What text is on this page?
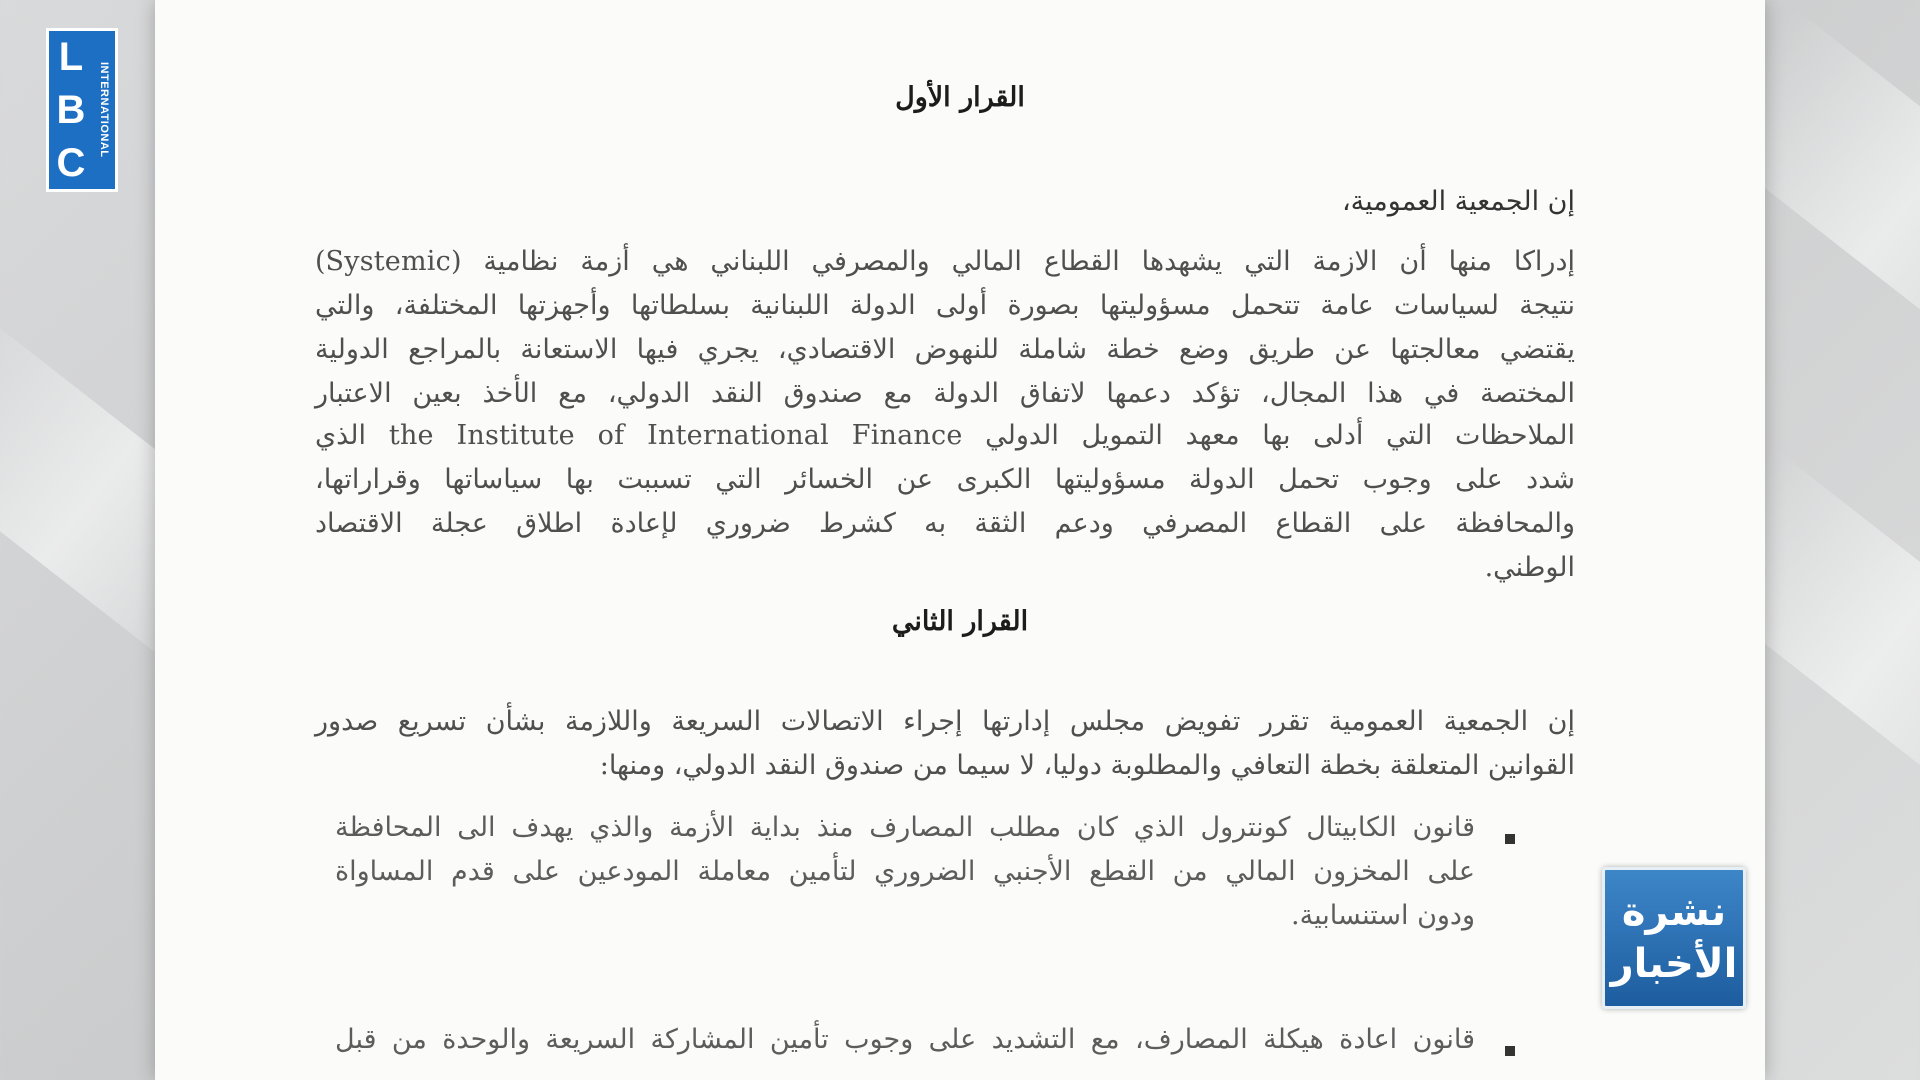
L
B
C
INTERNATIONAL	القرار الأول
إن الجمعية العمومية،
إدراكا منها أن الازمة التي يشهدها القطاع المالي والمصرفي اللبناني هي أزمة نظامية (Systemic)
نتيجة لسياسات عامة تتحمل مسؤوليتها بصورة أولى الدولة اللبنانية بسلطاتها وأجهزتها المختلفة، والتي
يقتضي معالجتها عن طريق وضع خطة شاملة للنهوض الاقتصادي، يجري فيها الاستعانة بالمراجع الدولية
المختصة في هذا المجال، تؤكد دعمها لاتفاق الدولة مع صندوق النقد الدولي، مع الأخذ بعين الاعتبار
الملاحظات التي أدلى بها معهد التمويل الدولي the Institute of International Finance الذي
شدد على وجوب تحمل الدولة مسؤوليتها الكبرى عن الخسائر التي تسببت بها سياساتها وقراراتها،
والمحافظة على القطاع المصرفي ودعم الثقة به كشرط ضروري لإعادة اطلاق عجلة الاقتصاد
الوطني.
القرار الثاني
إن الجمعية العمومية تقرر تفويض مجلس إدارتها إجراء الاتصالات السريعة واللازمة بشأن تسريع صدور
القوانين المتعلقة بخطة التعافي والمطلوبة دوليا، لا سيما من صندوق النقد الدولي، ومنها:
قانون الكابيتال كونترول الذي كان مطلب المصارف منذ بداية الأزمة والذي يهدف الى المحافظة
على المخزون المالي من القطع الأجنبي الضروري لتأمين معاملة المودعين على قدم المساواة
ودون استنسابية.
قانون اعادة هيكلة المصارف، مع التشديد على وجوب تأمين المشاركة السريعة والوحدة من قبل
نشرة
الأخبار
